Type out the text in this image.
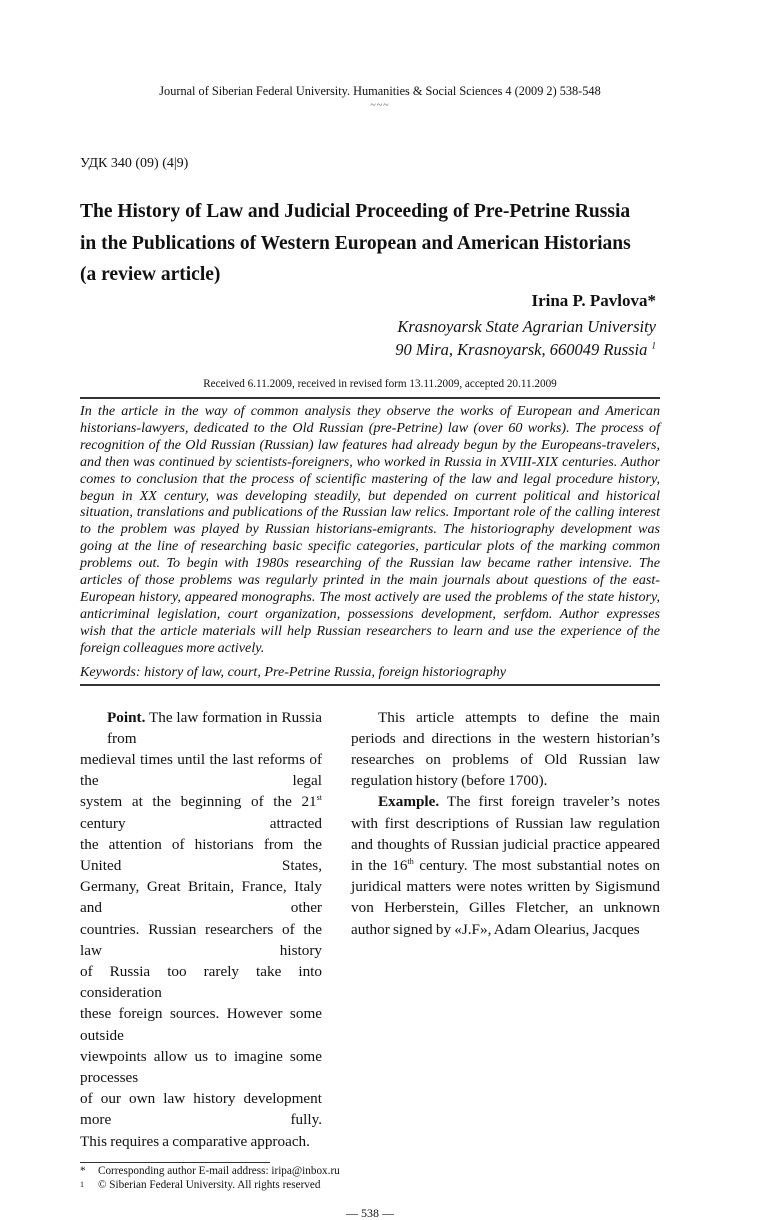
Journal of Siberian Federal University. Humanities & Social Sciences 4 (2009 2) 538-548
~~~
УДК 340 (09) (4|9)
The History of Law and Judicial Proceeding of Pre-Petrine Russia
in the Publications of Western European and American Historians
(a review article)
Irina P. Pavlova*
Krasnoyarsk State Agrarian University
90 Mira, Krasnoyarsk, 660049 Russia $^1$
Received 6.11.2009, received in revised form 13.11.2009, accepted 20.11.2009
In the article in the way of common analysis they observe the works of European and American
historians-lawyers, dedicated to the Old Russian (pre-Petrine) law (over 60 works). The process of
recognition of the Old Russian (Russian) law features had already begun by the Europeans-travelers,
and then was continued by scientists-foreigners, who worked in Russia in XVIII-XIX centuries. Author
comes to conclusion that the process of scientific mastering of the law and legal procedure history,
begun in XX century, was developing steadily, but depended on current political and historical
situation, translations and publications of the Russian law relics. Important role of the calling interest
to the problem was played by Russian historians-emigrants. The historiography development was
going at the line of researching basic specific categories, particular plots of the marking common
problems out. To begin with 1980s researching of the Russian law became rather intensive. The
articles of those problems was regularly printed in the main journals about questions of the east-
European history, appeared monographs. The most actively are used the problems of the state history,
anticriminal legislation, court organization, possessions development, serfdom. Author expresses
wish that the article materials will help Russian researchers to learn and use the experience of the
foreign colleagues more actively.
Keywords: history of law, court, Pre-Petrine Russia, foreign historiography
Point. The law formation in Russia from
medieval times until the last reforms of the legal
system at the beginning of the 21st century attracted
the attention of historians from the United States,
Germany, Great Britain, France, Italy and other
countries. Russian researchers of the law history
of Russia too rarely take into consideration
these foreign sources. However some outside
viewpoints allow us to imagine some processes
of our own law history development more fully.
This requires a comparative approach.
This article attempts to define the main
periods and directions in the western historian’s
researches on problems of Old Russian law
regulation history (before 1700).
Example. The first foreign traveler’s notes
with first descriptions of Russian law regulation
and thoughts of Russian judicial practice appeared
in the 16th century. The most substantial notes on
juridical matters were notes written by Sigismund
von Herberstein, Gilles Fletcher, an unknown
author signed by «J.F», Adam Olearius, Jacques
* Corresponding author E-mail address: iripa@inbox.ru
1 © Siberian Federal University. All rights reserved
— 538 —
